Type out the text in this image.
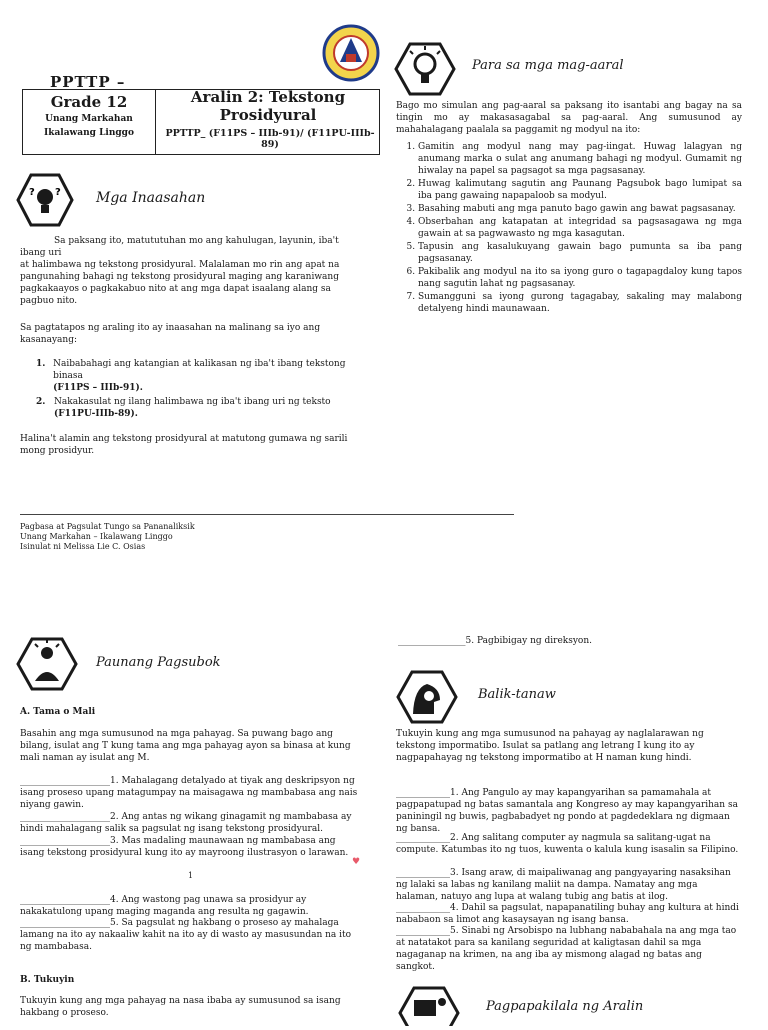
PPTTP –
Grade 12
Unang Markahan
Ikalawang Linggo
Aralin 2: Tekstong Prosidyural
PPTTP_ (F11PS – IIIb-91)/ (F11PU-IIIb-89)
? ?	Mga Inaasahan
Sa paksang ito, matututuhan mo ang kahulugan, layunin, iba't ibang uri
at halimbawa ng tekstong prosidyural. Malalaman mo rin ang apat na pangunahing bahagi ng tekstong prosidyural maging ang karaniwang pagkakaayos o pagkakabuo nito at ang mga dapat isaalang alang sa pagbuo nito.
Sa pagtatapos ng araling ito ay inaasahan na malinang sa iyo ang kasanayang:
1. Naibabahagi ang katangian at kalikasan ng iba't ibang tekstong binasa
(F11PS – IIIb-91).
2. Nakakasulat ng ilang halimbawa ng iba't ibang uri ng teksto
(F11PU-IIIb-89).
Halina't alamin ang tekstong prosidyural at matutong gumawa ng sarili mong prosidyur.
Para sa mga mag-aaral
Bago mo simulan ang pag-aaral sa paksang ito isantabi ang bagay na sa tingin mo ay makasasagabal sa pag-aaral. Ang sumusunod ay mahahalagang paalala sa paggamit ng modyul na ito:
1. Gamitin ang modyul nang may pag-iingat. Huwag lalagyan ng anumang marka o sulat ang anumang bahagi ng modyul. Gumamit ng hiwalay na papel sa pagsagot sa mga pagsasanay.
2. Huwag kalimutang sagutin ang Paunang Pagsubok bago lumipat sa iba pang gawaing napapaloob sa modyul.
3. Basahing mabuti ang mga panuto bago gawin ang bawat pagsasanay.
4. Obserbahan ang katapatan at integridad sa pagsasagawa ng mga gawain at sa pagwawasto ng mga kasagutan.
5. Tapusin ang kasalukuyang gawain bago pumunta sa iba pang pagsasanay.
6. Pakibalik ang modyul na ito sa iyong guro o tagapagdaloy kung tapos nang sagutin lahat ng pagsasanay.
7. Sumangguni sa iyong gurong tagagabay, sakaling may malabong detalyeng hindi maunawaan.
Pagbasa at Pagsulat Tungo sa Pananaliksik
Unang Markahan – Ikalawang Linggo
Isinulat ni Melissa Lie C. Osias
Paunang Pagsubok
A. Tama o Mali
Basahin ang mga sumusunod na mga pahayag. Sa puwang bago ang bilang, isulat ang T kung tama ang mga pahayag ayon sa binasa at kung mali naman ay isulat ang M.
____________________1. Mahalagang detalyado at tiyak ang deskripsyon ng isang proseso upang matagumpay na maisagawa ng mambabasa ang nais niyang gawin.
____________________2. Ang antas ng wikang ginagamit ng mambabasa ay hindi mahalagang salik sa pagsulat ng isang tekstong prosidyural.
____________________3. Mas madaling maunawaan ng mambabasa ang isang tekstong prosidyural kung ito ay mayroong ilustrasyon o larawan.
♥
1
____________________4. Ang wastong pag unawa sa prosidyur ay nakakatulong upang maging maganda ang resulta ng gagawin.
____________________5. Sa pagsulat ng hakbang o proseso ay mahalaga lamang na ito ay nakaaliw kahit na ito ay di wasto ay masusundan na ito ng mambabasa.
B. Tukuyin
Tukuyin kung ang mga pahayag na nasa ibaba ay sumusunod sa isang hakbang o proseso.
_______________5. Pagbibigay ng direksyon.
Balik-tanaw
Tukuyin kung ang mga sumusunod na pahayag ay naglalarawan ng tekstong impormatibo. Isulat sa patlang ang letrang I kung ito ay nagpapahayag ng tekstong impormatibo at H naman kung hindi.
____________1. Ang Pangulo ay may kapangyarihan sa pamamahala at pagpapatupad ng batas samantala ang Kongreso ay may kapangyarihan sa paniningil ng buwis, pagbabadyet ng pondo at pagdedeklara ng digmaan ng bansa.
____________2. Ang salitang computer ay nagmula sa salitang-ugat na compute. Katumbas ito ng tuos, kuwenta o kalula kung isasalin sa Filipino.
____________3. Isang araw, di maipaliwanag ang pangyayaring nasaksihan ng lalaki sa labas ng kanilang maliit na dampa. Namatay ang mga halaman, natuyo ang lupa at walang tubig ang batis at ilog.
____________4. Dahil sa pagsulat, napapanatiling buhay ang kultura at hindi nababaon sa limot ang kasaysayan ng isang bansa.
____________5. Sinabi ng Arsobispo na lubhang nababahala na ang mga tao at natatakot para sa kanilang seguridad at kaligtasan dahil sa mga nagaganap na krimen, na ang iba ay mismong alagad ng batas ang sangkot.
Pagpapakilala ng Aralin
